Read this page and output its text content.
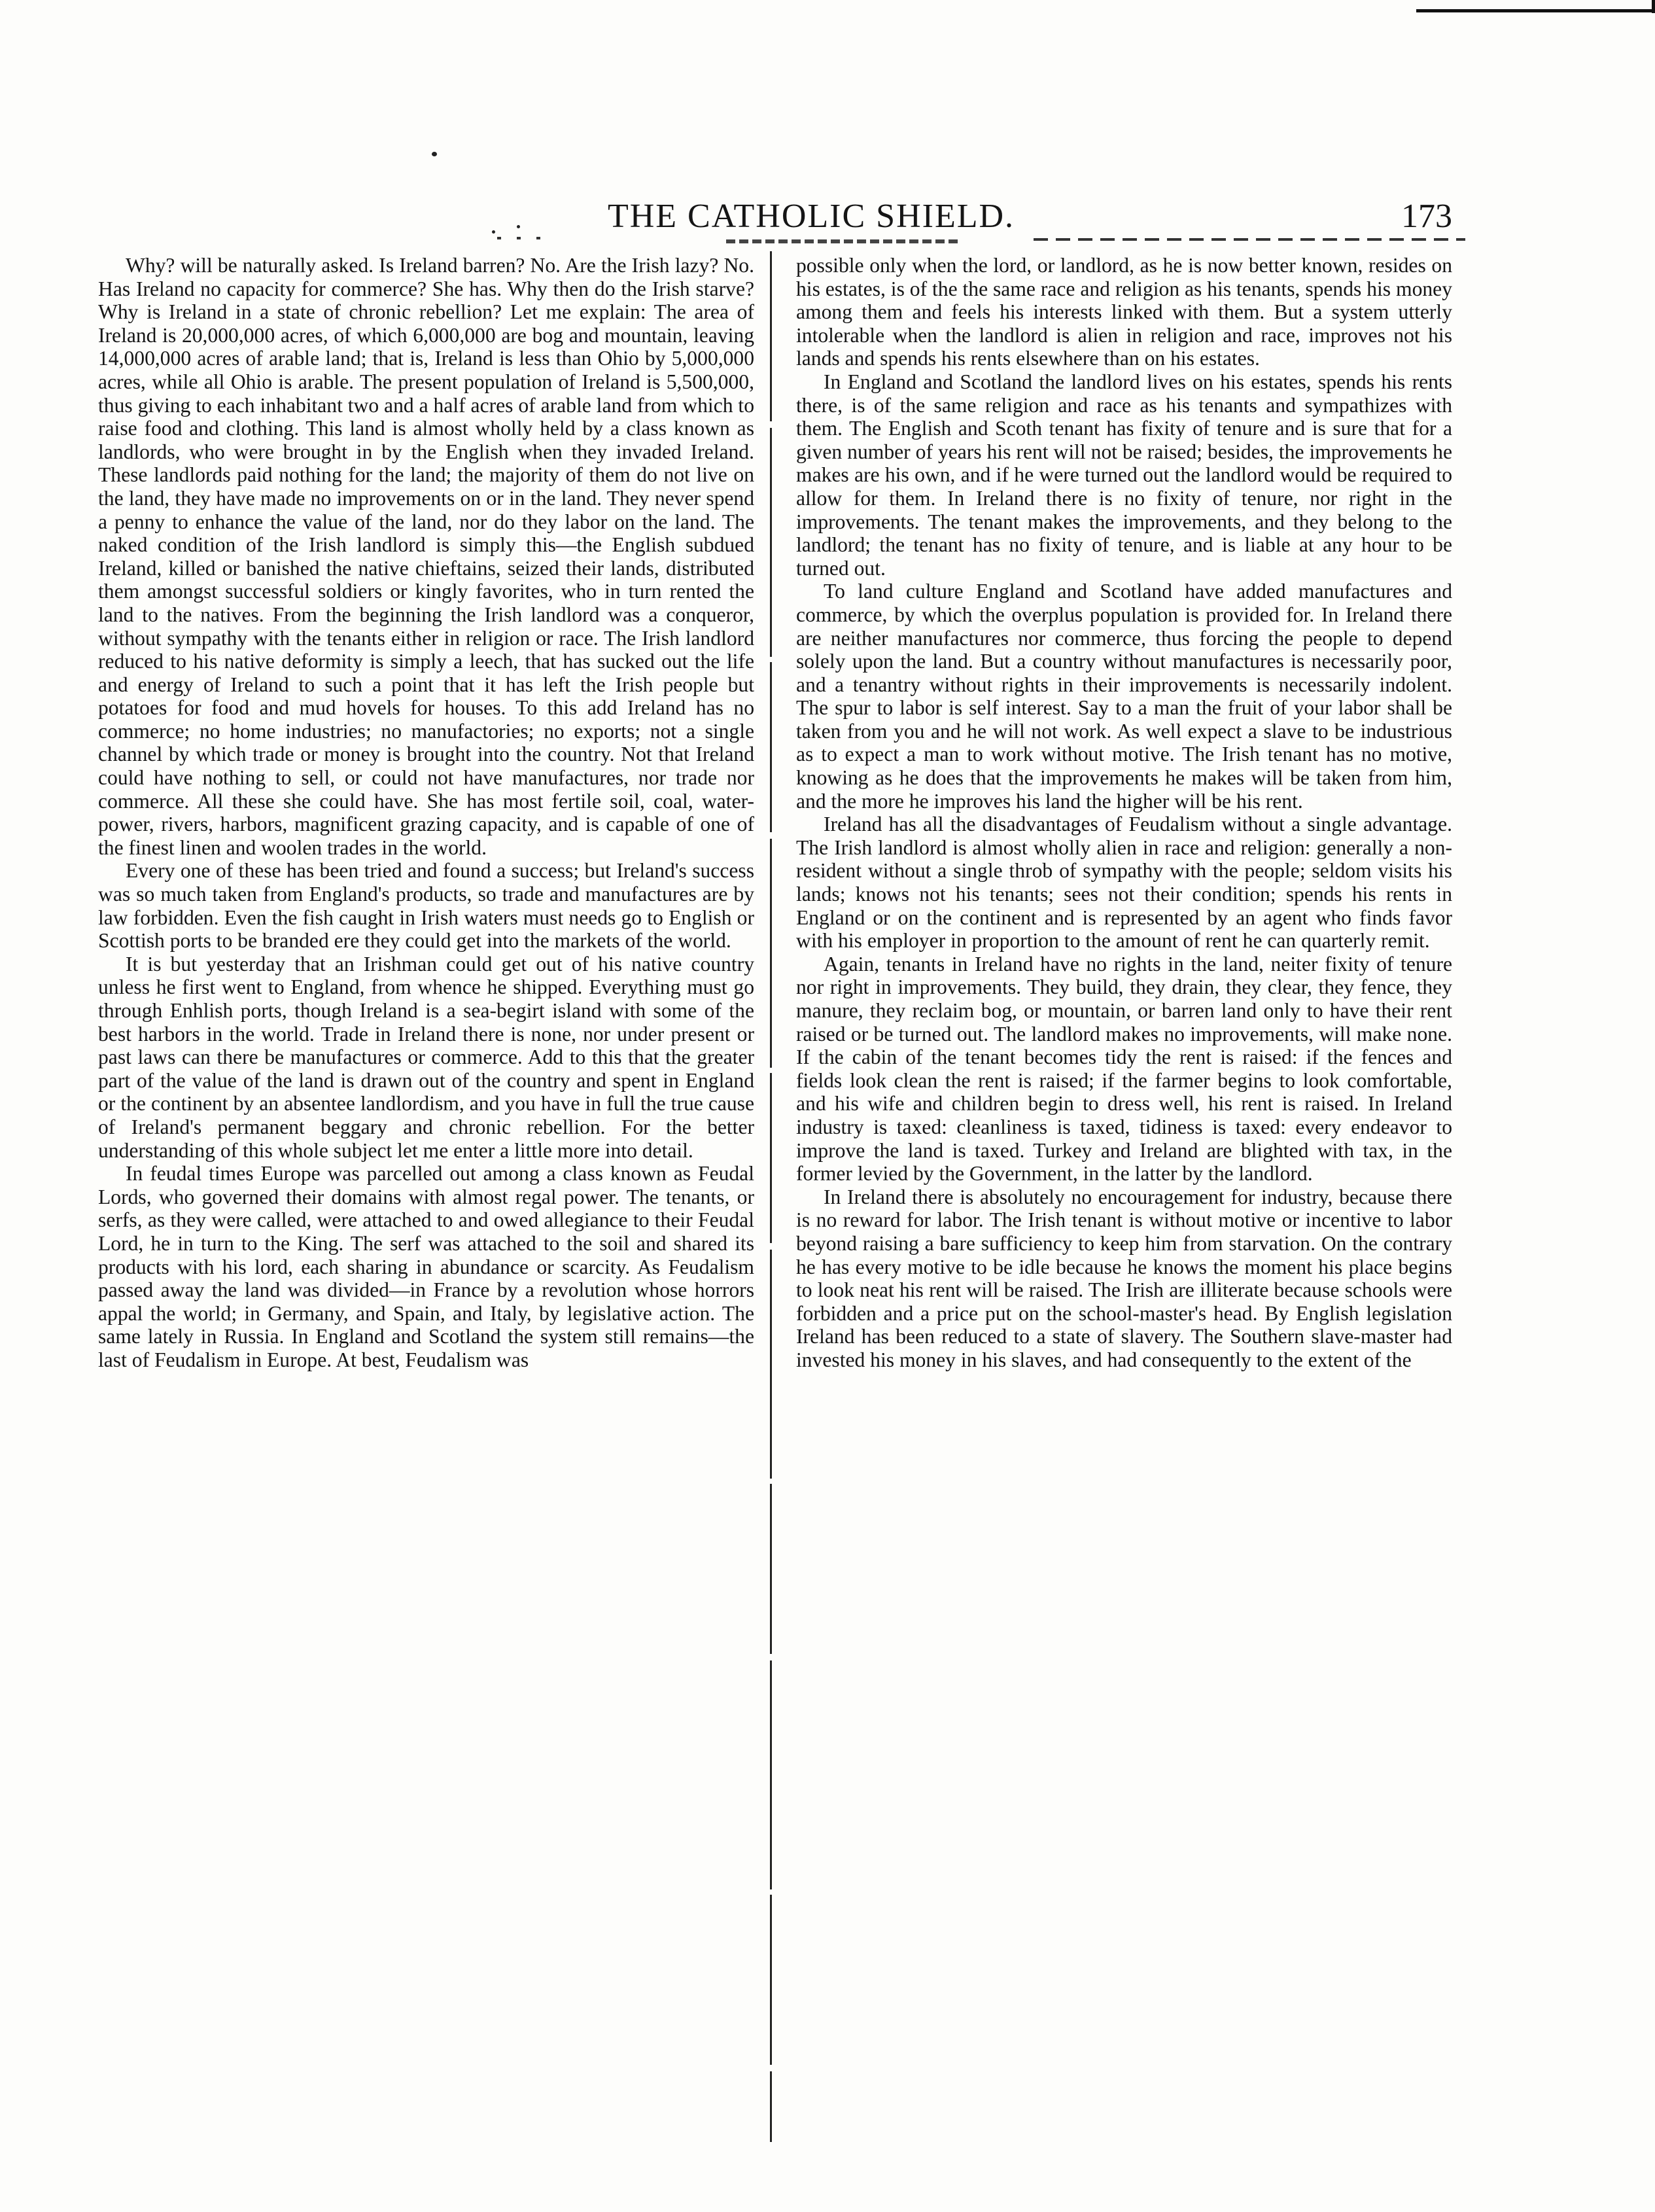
THE CATHOLIC SHIELD.	173

Why? will be naturally asked. Is Ireland barren? No. Are the Irish lazy? No. Has Ireland no capacity for commerce? She has. Why then do the Irish starve? Why is Ireland in a state of chronic rebellion? Let me explain: The area of Ireland is 20,000,000 acres, of which 6,000,000 are bog and mountain, leaving 14,000,000 acres of arable land; that is, Ireland is less than Ohio by 5,000,000 acres, while all Ohio is arable. The present population of Ireland is 5,500,000, thus giving to each inhabitant two and a half acres of arable land from which to raise food and clothing. This land is almost wholly held by a class known as landlords, who were brought in by the English when they invaded Ireland. These landlords paid nothing for the land; the majority of them do not live on the land, they have made no improvements on or in the land. They never spend a penny to enhance the value of the land, nor do they labor on the land. The naked condition of the Irish landlord is simply this—the English subdued Ireland, killed or banished the native chieftains, seized their lands, distributed them amongst successful soldiers or kingly favorites, who in turn rented the land to the natives. From the beginning the Irish landlord was a conqueror, without sympathy with the tenants either in religion or race. The Irish landlord reduced to his native deformity is simply a leech, that has sucked out the life and energy of Ireland to such a point that it has left the Irish people but potatoes for food and mud hovels for houses. To this add Ireland has no commerce; no home industries; no manufactories; no exports; not a single channel by which trade or money is brought into the country. Not that Ireland could have nothing to sell, or could not have manufactures, nor trade nor commerce. All these she could have. She has most fertile soil, coal, water-power, rivers, harbors, magnificent grazing capacity, and is capable of one of the finest linen and woolen trades in the world.

Every one of these has been tried and found a success; but Ireland's success was so much taken from England's products, so trade and manufactures are by law forbidden. Even the fish caught in Irish waters must needs go to English or Scottish ports to be branded ere they could get into the markets of the world.

It is but yesterday that an Irishman could get out of his native country unless he first went to England, from whence he shipped. Everything must go through Enhlish ports, though Ireland is a sea-begirt island with some of the best harbors in the world. Trade in Ireland there is none, nor under present or past laws can there be manufactures or commerce. Add to this that the greater part of the value of the land is drawn out of the country and spent in England or the continent by an absentee landlordism, and you have in full the true cause of Ireland's permanent beggary and chronic rebellion. For the better understanding of this whole subject let me enter a little more into detail.

In feudal times Europe was parcelled out among a class known as Feudal Lords, who governed their domains with almost regal power. The tenants, or serfs, as they were called, were attached to and owed allegiance to their Feudal Lord, he in turn to the King. The serf was attached to the soil and shared its products with his lord, each sharing in abundance or scarcity. As Feudalism passed away the land was divided—in France by a revolution whose horrors appal the world; in Germany, and Spain, and Italy, by legislative action. The same lately in Russia. In England and Scotland the system still remains—the last of Feudalism in Europe. At best, Feudalism was

possible only when the lord, or landlord, as he is now better known, resides on his estates, is of the the same race and religion as his tenants, spends his money among them and feels his interests linked with them. But a system utterly intolerable when the landlord is alien in religion and race, improves not his lands and spends his rents elsewhere than on his estates.

In England and Scotland the landlord lives on his estates, spends his rents there, is of the same religion and race as his tenants and sympathizes with them. The English and Scoth tenant has fixity of tenure and is sure that for a given number of years his rent will not be raised; besides, the improvements he makes are his own, and if he were turned out the landlord would be required to allow for them. In Ireland there is no fixity of tenure, nor right in the improvements. The tenant makes the improvements, and they belong to the landlord; the tenant has no fixity of tenure, and is liable at any hour to be turned out.

To land culture England and Scotland have added manufactures and commerce, by which the overplus population is provided for. In Ireland there are neither manufactures nor commerce, thus forcing the people to depend solely upon the land. But a country without manufactures is necessarily poor, and a tenantry without rights in their improvements is necessarily indolent. The spur to labor is self interest. Say to a man the fruit of your labor shall be taken from you and he will not work. As well expect a slave to be industrious as to expect a man to work without motive. The Irish tenant has no motive, knowing as he does that the improvements he makes will be taken from him, and the more he improves his land the higher will be his rent.

Ireland has all the disadvantages of Feudalism without a single advantage. The Irish landlord is almost wholly alien in race and religion: generally a non-resident without a single throb of sympathy with the people; seldom visits his lands; knows not his tenants; sees not their condition; spends his rents in England or on the continent and is represented by an agent who finds favor with his employer in proportion to the amount of rent he can quarterly remit.

Again, tenants in Ireland have no rights in the land, neiter fixity of tenure nor right in improvements. They build, they drain, they clear, they fence, they manure, they reclaim bog, or mountain, or barren land only to have their rent raised or be turned out. The landlord makes no improvements, will make none. If the cabin of the tenant becomes tidy the rent is raised: if the fences and fields look clean the rent is raised; if the farmer begins to look comfortable, and his wife and children begin to dress well, his rent is raised. In Ireland industry is taxed: cleanliness is taxed, tidiness is taxed: every endeavor to improve the land is taxed. Turkey and Ireland are blighted with tax, in the former levied by the Government, in the latter by the landlord.

In Ireland there is absolutely no encouragement for industry, because there is no reward for labor. The Irish tenant is without motive or incentive to labor beyond raising a bare sufficiency to keep him from starvation. On the contrary he has every motive to be idle because he knows the moment his place begins to look neat his rent will be raised. The Irish are illiterate because schools were forbidden and a price put on the school-master's head. By English legislation Ireland has been reduced to a state of slavery. The Southern slave-master had invested his money in his slaves, and had consequently to the extent of the
